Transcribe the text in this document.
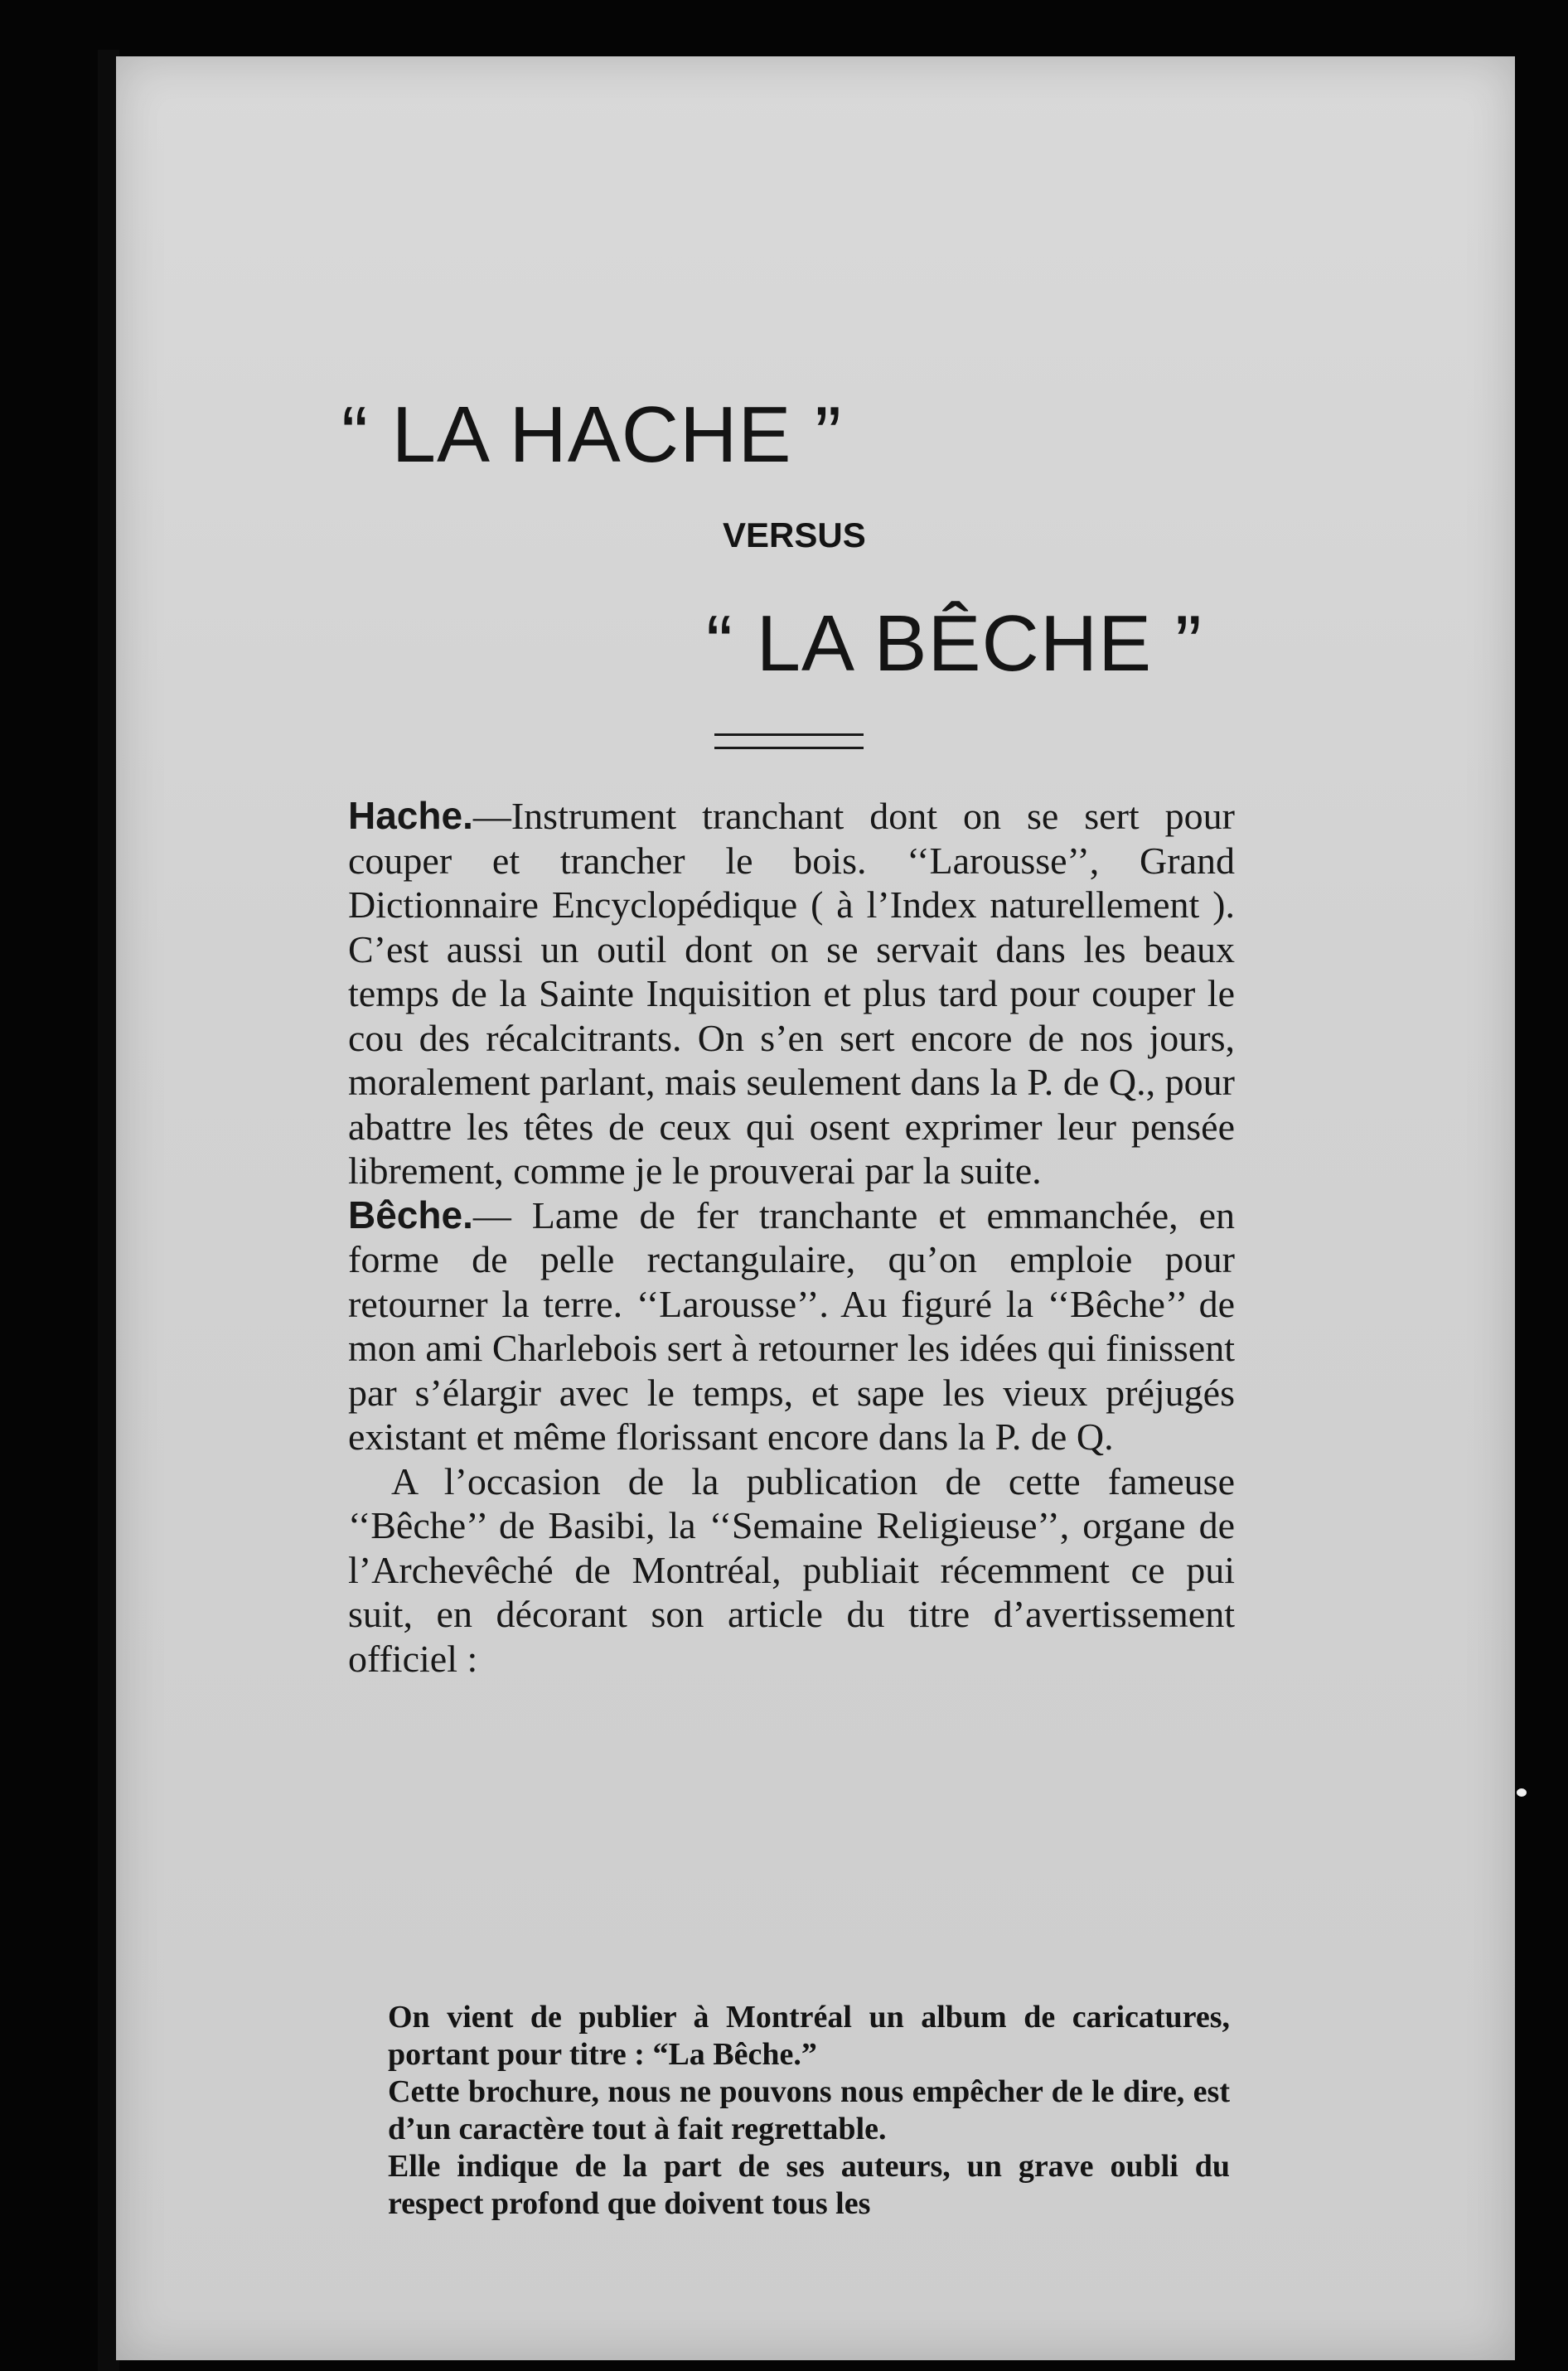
“ LA HACHE ”
VERSUS
“ LA BÊCHE ”

Hache.—Instrument tranchant dont on se sert pour couper et trancher le bois. ‘‘Larousse’’, Grand Dictionnaire Encyclopédique ( à l’Index naturellement ). C’est aussi un outil dont on se servait dans les beaux temps de la Sainte Inquisition et plus tard pour couper le cou des récalcitrants. On s’en sert encore de nos jours, moralement parlant, mais seulement dans la P. de Q., pour abattre les têtes de ceux qui osent exprimer leur pensée librement, comme je le prouverai par la suite.

Bêche.— Lame de fer tranchante et emmanchée, en forme de pelle rectangulaire, qu’on emploie pour retourner la terre. ‘‘Larousse’’. Au figuré la ‘‘Bêche’’ de mon ami Charlebois sert à retourner les idées qui finissent par s’élargir avec le temps, et sape les vieux préjugés existant et même florissant encore dans la P. de Q.

A l’occasion de la publication de cette fameuse ‘‘Bêche’’ de Basibi, la ‘‘Semaine Religieuse’’, organe de l’Archevêché de Montréal, publiait récemment ce pui suit, en décorant son article du titre d’avertissement officiel :

On vient de publier à Montréal un album de caricatures, portant pour titre : “La Bêche.”

Cette brochure, nous ne pouvons nous empêcher de le dire, est d’un caractère tout à fait regrettable.

Elle indique de la part de ses auteurs, un grave oubli du respect profond que doivent tous les
